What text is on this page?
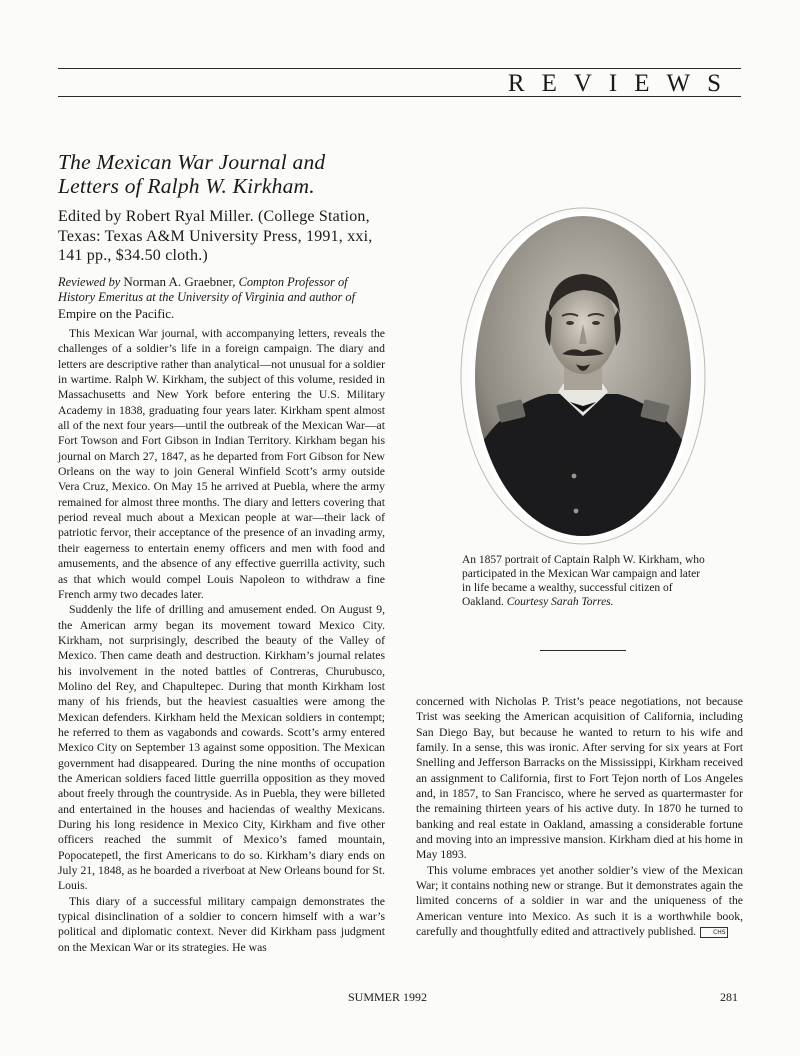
REVIEWS
The Mexican War Journal and Letters of Ralph W. Kirkham.

Edited by Robert Ryal Miller. (College Station, Texas: Texas A&M University Press, 1991, xxi, 141 pp., $34.50 cloth.)

Reviewed by Norman A. Graebner, Compton Professor of History Emeritus at the University of Virginia and author of Empire on the Pacific.

This Mexican War journal, with accompanying letters, reveals the challenges of a soldier’s life in a foreign campaign. The diary and letters are descriptive rather than analytical—not unusual for a soldier in wartime. Ralph W. Kirkham, the subject of this volume, resided in Massachusetts and New York before entering the U.S. Military Academy in 1838, graduating four years later. Kirkham spent almost all of the next four years—until the outbreak of the Mexican War—at Fort Towson and Fort Gibson in Indian Territory. Kirkham began his journal on March 27, 1847, as he departed from Fort Gibson for New Orleans on the way to join General Winfield Scott’s army outside Vera Cruz, Mexico. On May 15 he arrived at Puebla, where the army remained for almost three months. The diary and letters covering that period reveal much about a Mexican people at war—their lack of patriotic fervor, their acceptance of the presence of an invading army, their eagerness to entertain enemy officers and men with food and amusements, and the absence of any effective guerrilla activity, such as that which would compel Louis Napoleon to withdraw a fine French army two decades later.

Suddenly the life of drilling and amusement ended. On August 9, the American army began its movement toward Mexico City. Kirkham, not surprisingly, described the beauty of the Valley of Mexico. Then came death and destruction. Kirkham’s journal relates his involvement in the noted battles of Contreras, Churubusco, Molino del Rey, and Chapultepec. During that month Kirkham lost many of his friends, but the heaviest casualties were among the Mexican defenders. Kirkham held the Mexican soldiers in contempt; he referred to them as vagabonds and cowards. Scott’s army entered Mexico City on September 13 against some opposition. The Mexican government had disappeared. During the nine months of occupation the American soldiers faced little guerrilla opposition as they moved about freely through the countryside. As in Puebla, they were billeted and entertained in the houses and haciendas of wealthy Mexicans. During his long residence in Mexico City, Kirkham and five other officers reached the summit of Mexico’s famed mountain, Popocatepetl, the first Americans to do so. Kirkham’s diary ends on July 21, 1848, as he boarded a riverboat at New Orleans bound for St. Louis.

This diary of a successful military campaign demonstrates the typical disinclination of a soldier to concern himself with a war’s political and diplomatic context. Never did Kirkham pass judgment on the Mexican War or its strategies. He was

An 1857 portrait of Captain Ralph W. Kirkham, who participated in the Mexican War campaign and later in life became a wealthy, successful citizen of Oakland. Courtesy Sarah Torres.

concerned with Nicholas P. Trist’s peace negotiations, not because Trist was seeking the American acquisition of California, including San Diego Bay, but because he wanted to return to his wife and family. In a sense, this was ironic. After serving for six years at Fort Snelling and Jefferson Barracks on the Mississippi, Kirkham received an assignment to California, first to Fort Tejon north of Los Angeles and, in 1857, to San Francisco, where he served as quartermaster for the remaining thirteen years of his active duty. In 1870 he turned to banking and real estate in Oakland, amassing a considerable fortune and moving into an impressive mansion. Kirkham died at his home in May 1893.

This volume embraces yet another soldier’s view of the Mexican War; it contains nothing new or strange. But it demonstrates again the limited concerns of a soldier in war and the uniqueness of the American venture into Mexico. As such it is a worthwhile book, carefully and thoughtfully edited and attractively published.	CHS

SUMMER 1992	281
